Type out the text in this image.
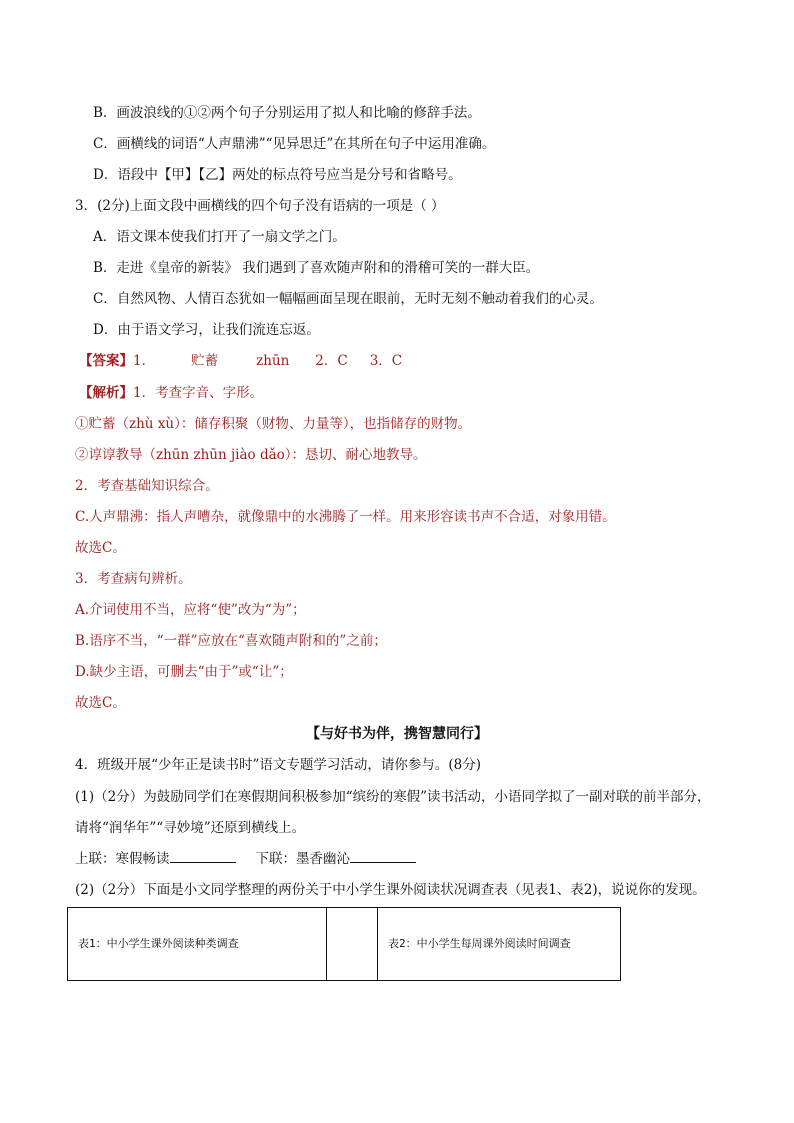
B．画波浪线的①②两个句子分别运用了拟人和比喻的修辞手法。
C．画横线的词语“人声鼎沸”“见异思迁”在其所在句子中运用准确。
D．语段中【甲】【乙】两处的标点符号应当是分号和省略号。
3．(2分)上面文段中画横线的四个句子没有语病的一项是（ ）
A．语文课本使我们打开了一扇文学之门。
B．走进《皇帝的新装》 我们遇到了喜欢随声附和的滑稽可笑的一群大臣。
C．自然风物、人情百态犹如一幅幅画面呈现在眼前，无时无刻不触动着我们的心灵。
D．由于语文学习，让我们流连忘返。
【答案】1．	贮蓄	zhūn 2．C 3．C
【解析】1．考查字音、字形。
①贮蓄（zhù xù）：储存积聚（财物、力量等），也指储存的财物。
②谆谆教导（zhūn zhūn jiào dǎo）：恳切、耐心地教导。
2．考查基础知识综合。
C.人声鼎沸：指人声嘈杂，就像鼎中的水沸腾了一样。用来形容读书声不合适，对象用错。
故选C。
3．考查病句辨析。
A.介词使用不当，应将“使”改为“为”；
B.语序不当，“一群”应放在“喜欢随声附和的”之前；
D.缺少主语，可删去“由于”或“让”；
故选C。
【与好书为伴，携智慧同行】
4．班级开展“少年正是读书时”语文专题学习活动，请你参与。(8分)
(1)（2分）为鼓励同学们在寒假期间积极参加“缤纷的寒假”读书活动，小语同学拟了一副对联的前半部分，
请将“润华年”“寻妙境”还原到横线上。
上联：寒假畅读	下联：墨香幽沁
(2)（2分）下面是小文同学整理的两份关于中小学生课外阅读状况调查表（见表1、表2)，说说你的发现。
表1：中小学生课外阅读种类调查		表2：中小学生每周课外阅读时间调查
